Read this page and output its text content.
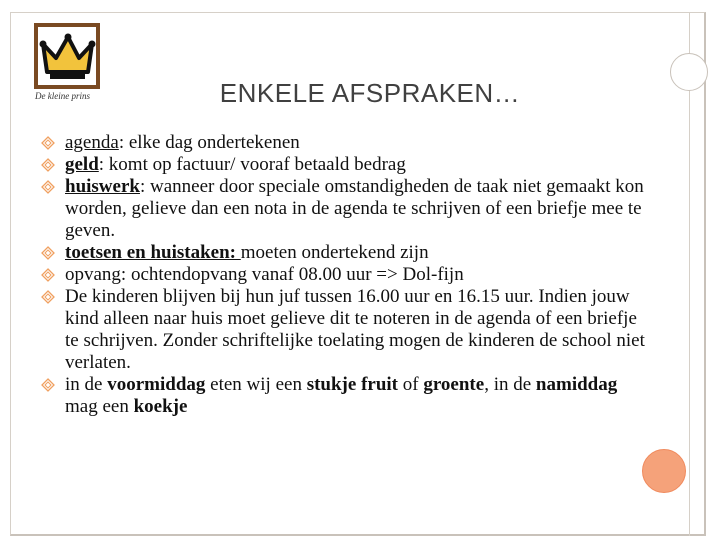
De kleine prins	ENKELE AFSPRAKEN…
agenda: elke dag ondertekenen
geld: komt op factuur/ vooraf betaald bedrag
huiswerk: wanneer door speciale omstandigheden de taak niet gemaakt kon worden, gelieve dan een nota in de agenda te schrijven of een briefje mee te geven.
toetsen en huistaken: moeten ondertekend zijn
opvang: ochtendopvang vanaf 08.00 uur => Dol-fijn
De kinderen blijven bij hun juf tussen 16.00 uur en 16.15 uur. Indien jouw kind alleen naar huis moet gelieve dit te noteren in de agenda of een briefje te schrijven. Zonder schriftelijke toelating mogen de kinderen de school niet verlaten.
in de voormiddag eten wij een stukje fruit of groente, in de namiddag mag een koekje
